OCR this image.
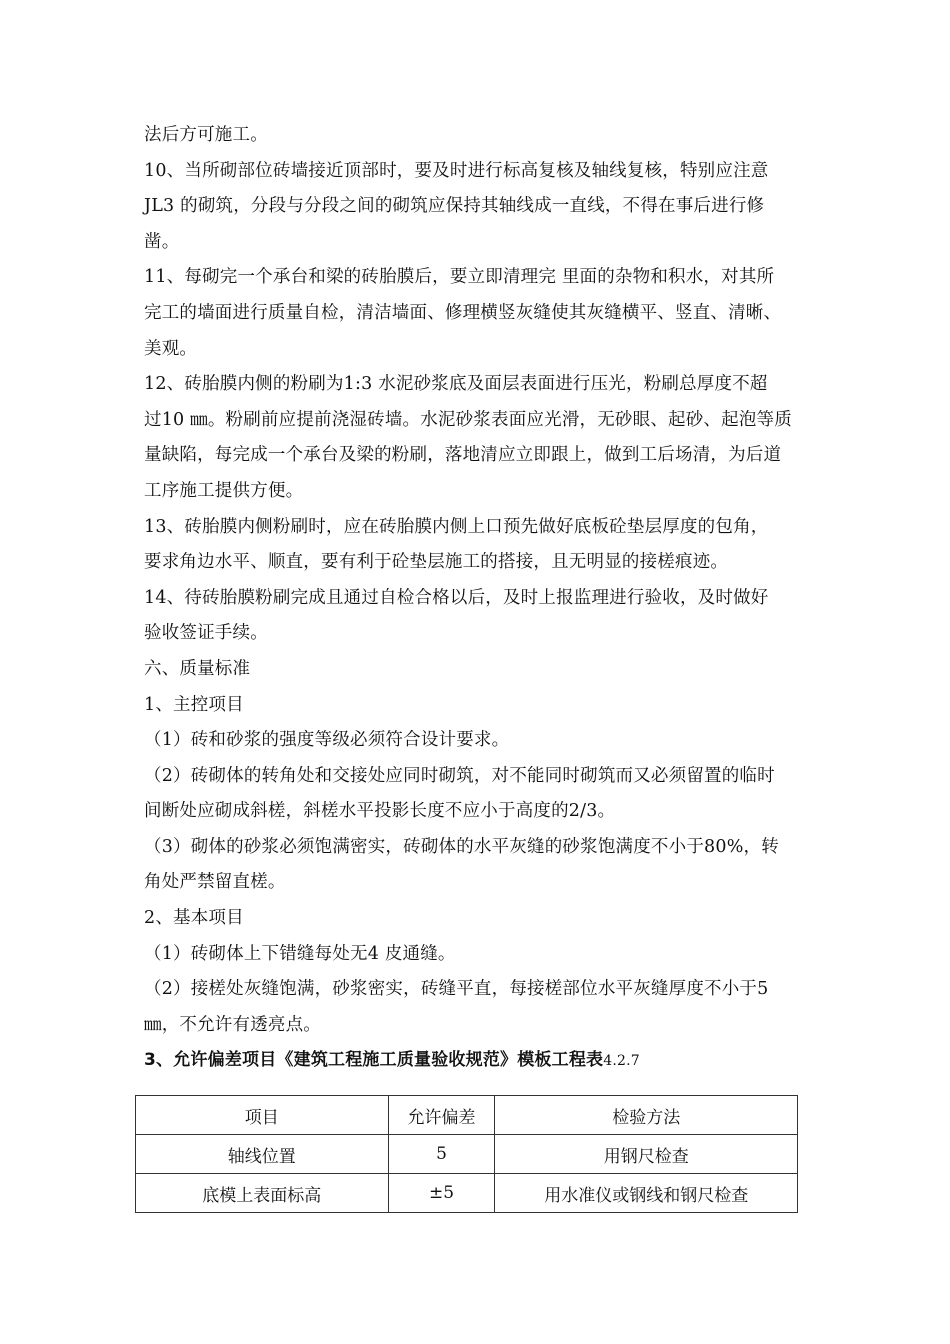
法后方可施工。
10、当所砌部位砖墙接近顶部时，要及时进行标高复核及轴线复核，特别应注意
JL3 的砌筑，分段与分段之间的砌筑应保持其轴线成一直线，不得在事后进行修
凿。
11、每砌完一个承台和梁的砖胎膜后，要立即清理完 里面的杂物和积水，对其所
完工的墙面进行质量自检，清洁墙面、修理横竖灰缝使其灰缝横平、竖直、清晰、
美观。
12、砖胎膜内侧的粉刷为1:3 水泥砂浆底及面层表面进行压光，粉刷总厚度不超
过10 ㎜。粉刷前应提前浇湿砖墙。水泥砂浆表面应光滑，无砂眼、起砂、起泡等质
量缺陷，每完成一个承台及梁的粉刷，落地清应立即跟上，做到工后场清，为后道
工序施工提供方便。
13、砖胎膜内侧粉刷时，应在砖胎膜内侧上口预先做好底板砼垫层厚度的包角，
要求角边水平、顺直，要有利于砼垫层施工的搭接，且无明显的接槎痕迹。
14、待砖胎膜粉刷完成且通过自检合格以后，及时上报监理进行验收，及时做好
验收签证手续。
六、质量标准
1、主控项目
（1）砖和砂浆的强度等级必须符合设计要求。
（2）砖砌体的转角处和交接处应同时砌筑，对不能同时砌筑而又必须留置的临时
间断处应砌成斜槎，斜槎水平投影长度不应小于高度的2/3。
（3）砌体的砂浆必须饱满密实，砖砌体的水平灰缝的砂浆饱满度不小于80%，转
角处严禁留直槎。
2、基本项目
（1）砖砌体上下错缝每处无4 皮通缝。
（2）接槎处灰缝饱满，砂浆密实，砖缝平直，每接槎部位水平灰缝厚度不小于5
㎜，不允许有透亮点。
3、允许偏差项目《建筑工程施工质量验收规范》模板工程表4.2.7
项目	允许偏差	检验方法
轴线位置	5	用钢尺检查
底模上表面标高	±5	用水准仪或钢线和钢尺检查
